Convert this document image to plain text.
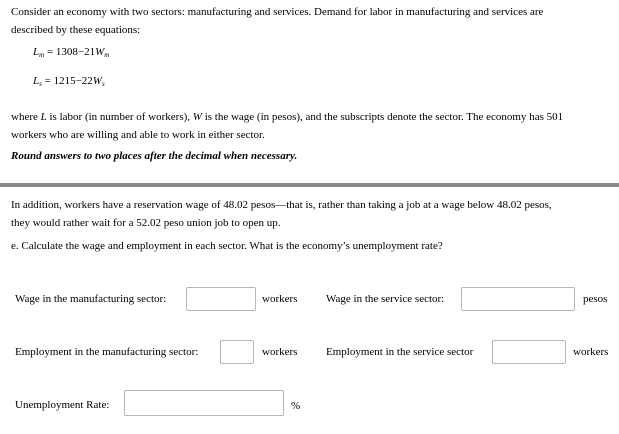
Consider an economy with two sectors: manufacturing and services. Demand for labor in manufacturing and services are
described by these equations:
$L_m = 1308-21W_m$
$L_s = 1215-22W_s$
where L is labor (in number of workers), W is the wage (in pesos), and the subscripts denote the sector. The economy has 501
workers who are willing and able to work in either sector.
Round answers to two places after the decimal when necessary.
In addition, workers have a reservation wage of 48.02 pesos—that is, rather than taking a job at a wage below 48.02 pesos,
they would rather wait for a 52.02 peso union job to open up.
e. Calculate the wage and employment in each sector. What is the economy’s unemployment rate?
Wage in the manufacturing sector:	workers	Wage in the service sector:	pesos
Employment in the manufacturing sector:	workers	Employment in the service sector	workers
Unemployment Rate:	%
